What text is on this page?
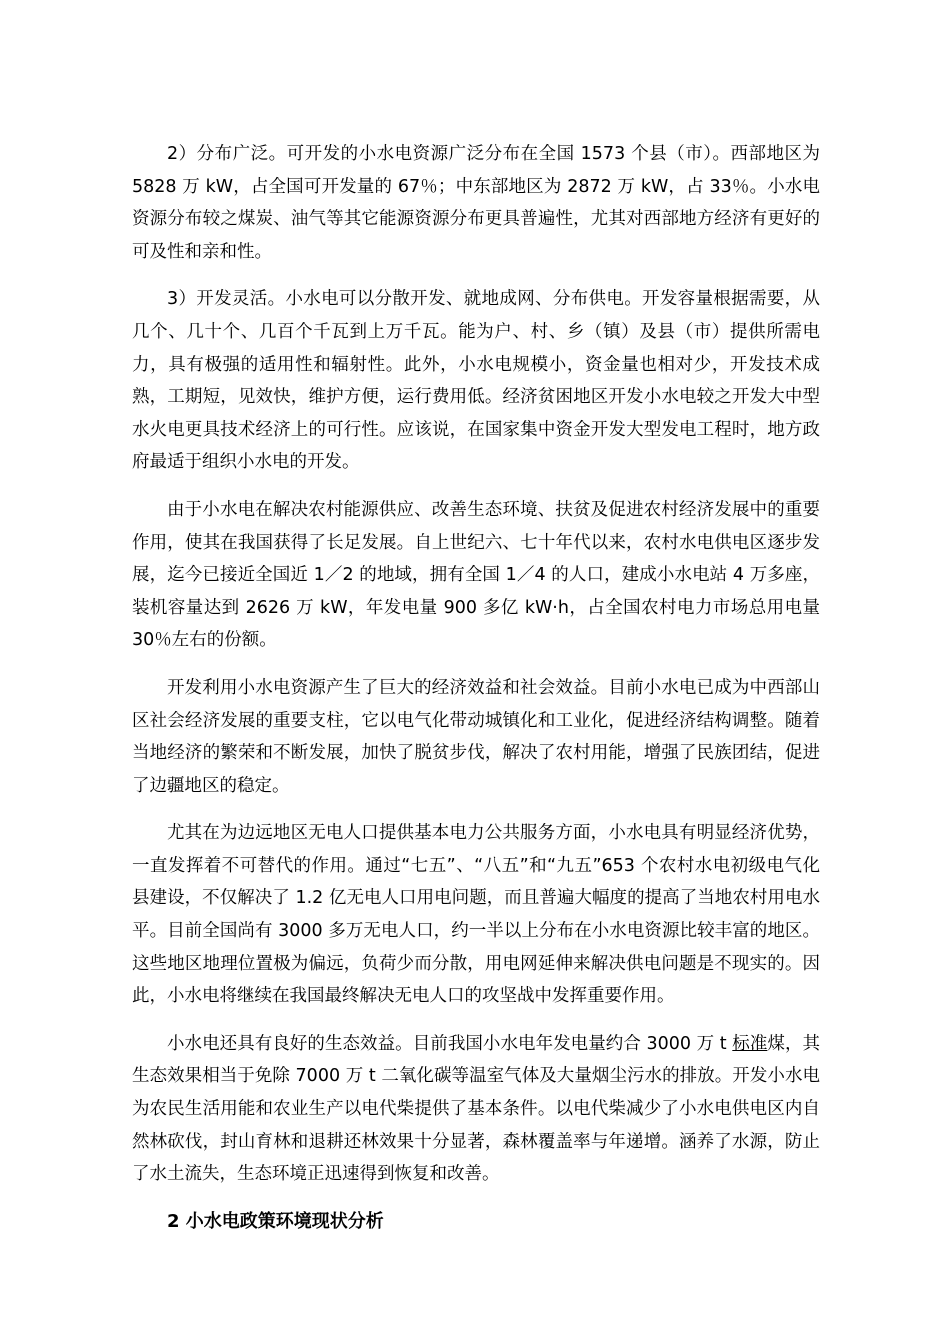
2）分布广泛。可开发的小水电资源广泛分布在全国 1573 个县（市）。西部地区为 5828 万 kW，占全国可开发量的 67％；中东部地区为 2872 万 kW，占 33％。小水电资源分布较之煤炭、油气等其它能源资源分布更具普遍性，尤其对西部地方经济有更好的可及性和亲和性。

3）开发灵活。小水电可以分散开发、就地成网、分布供电。开发容量根据需要，从几个、几十个、几百个千瓦到上万千瓦。能为户、村、乡（镇）及县（市）提供所需电力，具有极强的适用性和辐射性。此外，小水电规模小，资金量也相对少，开发技术成熟，工期短，见效快，维护方便，运行费用低。经济贫困地区开发小水电较之开发大中型水火电更具技术经济上的可行性。应该说，在国家集中资金开发大型发电工程时，地方政府最适于组织小水电的开发。

由于小水电在解决农村能源供应、改善生态环境、扶贫及促进农村经济发展中的重要作用，使其在我国获得了长足发展。自上世纪六、七十年代以来，农村水电供电区逐步发展，迄今已接近全国近 1／2 的地域，拥有全国 1／4 的人口，建成小水电站 4 万多座，装机容量达到 2626 万 kW，年发电量 900 多亿 kW·h，占全国农村电力市场总用电量30％左右的份额。

开发利用小水电资源产生了巨大的经济效益和社会效益。目前小水电已成为中西部山区社会经济发展的重要支柱，它以电气化带动城镇化和工业化，促进经济结构调整。随着当地经济的繁荣和不断发展，加快了脱贫步伐，解决了农村用能，增强了民族团结，促进了边疆地区的稳定。

尤其在为边远地区无电人口提供基本电力公共服务方面，小水电具有明显经济优势，一直发挥着不可替代的作用。通过“七五”、“八五”和“九五”653 个农村水电初级电气化县建设，不仅解决了 1.2 亿无电人口用电问题，而且普遍大幅度的提高了当地农村用电水平。目前全国尚有 3000 多万无电人口，约一半以上分布在小水电资源比较丰富的地区。这些地区地理位置极为偏远，负荷少而分散，用电网延伸来解决供电问题是不现实的。因此，小水电将继续在我国最终解决无电人口的攻坚战中发挥重要作用。

小水电还具有良好的生态效益。目前我国小水电年发电量约合 3000 万 t 标准煤，其生态效果相当于免除 7000 万 t 二氧化碳等温室气体及大量烟尘污水的排放。开发小水电为农民生活用能和农业生产以电代柴提供了基本条件。以电代柴减少了小水电供电区内自然林砍伐，封山育林和退耕还林效果十分显著，森林覆盖率与年递增。涵养了水源，防止了水土流失，生态环境正迅速得到恢复和改善。

2 小水电政策环境现状分析
